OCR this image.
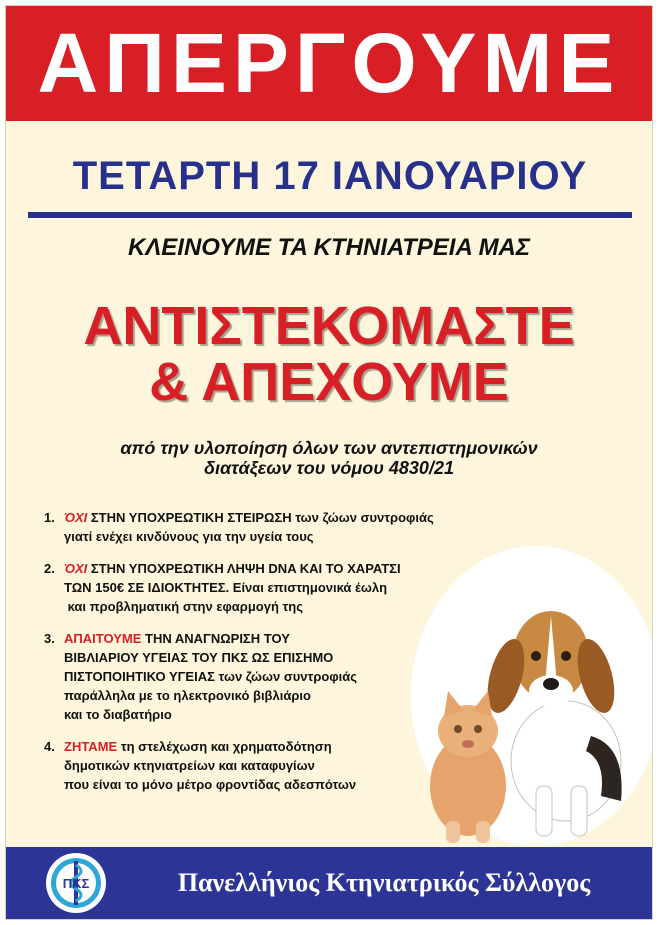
ΑΠΕΡΓΟΥΜΕ
ΤΕΤΑΡΤΗ 17 ΙΑΝΟΥΑΡΙΟΥ
ΚΛΕΙΝΟΥΜΕ ΤΑ ΚΤΗΝΙΑΤΡΕΙΑ ΜΑΣ
ΑΝΤΙΣΤΕΚΟΜΑΣΤΕ
& ΑΠΕΧΟΥΜΕ
από την υλοποίηση όλων των αντεπιστημονικών
διατάξεων του νόμου 4830/21
1. ΌΧΙ ΣΤΗΝ ΥΠΟΧΡΕΩΤΙΚΗ ΣΤΕΙΡΩΣΗ των ζώων συντροφιάς
γιατί ενέχει κινδύνους για την υγεία τους
2. ΌΧΙ ΣΤΗΝ ΥΠΟΧΡΕΩΤΙΚΗ ΛΗΨΗ DNA ΚΑΙ ΤΟ ΧΑΡΑΤΣΙ
ΤΩΝ 150€ ΣΕ ΙΔΙΟΚΤΗΤΕΣ. Είναι επιστημονικά έωλη
και προβληματική στην εφαρμογή της
3. ΑΠΑΙΤΟΥΜΕ ΤΗΝ ΑΝΑΓΝΩΡΙΣΗ ΤΟΥ
ΒΙΒΛΙΑΡΙΟΥ ΥΓΕΙΑΣ ΤΟΥ ΠΚΣ ΩΣ ΕΠΙΣΗΜΟ
ΠΙΣΤΟΠΟΙΗΤΙΚΟ ΥΓΕΙΑΣ των ζώων συντροφιάς
παράλληλα με το ηλεκτρονικό βιβλιάριο
και το διαβατήριο
4. ΖΗΤΑΜΕ τη στελέχωση και χρηματοδότηση
δημοτικών κτηνιατρείων και καταφυγίων
που είναι το μόνο μέτρο φροντίδας αδεσπότων
ΠΚΣ	Πανελλήνιος Κτηνιατρικός Σύλλογος
